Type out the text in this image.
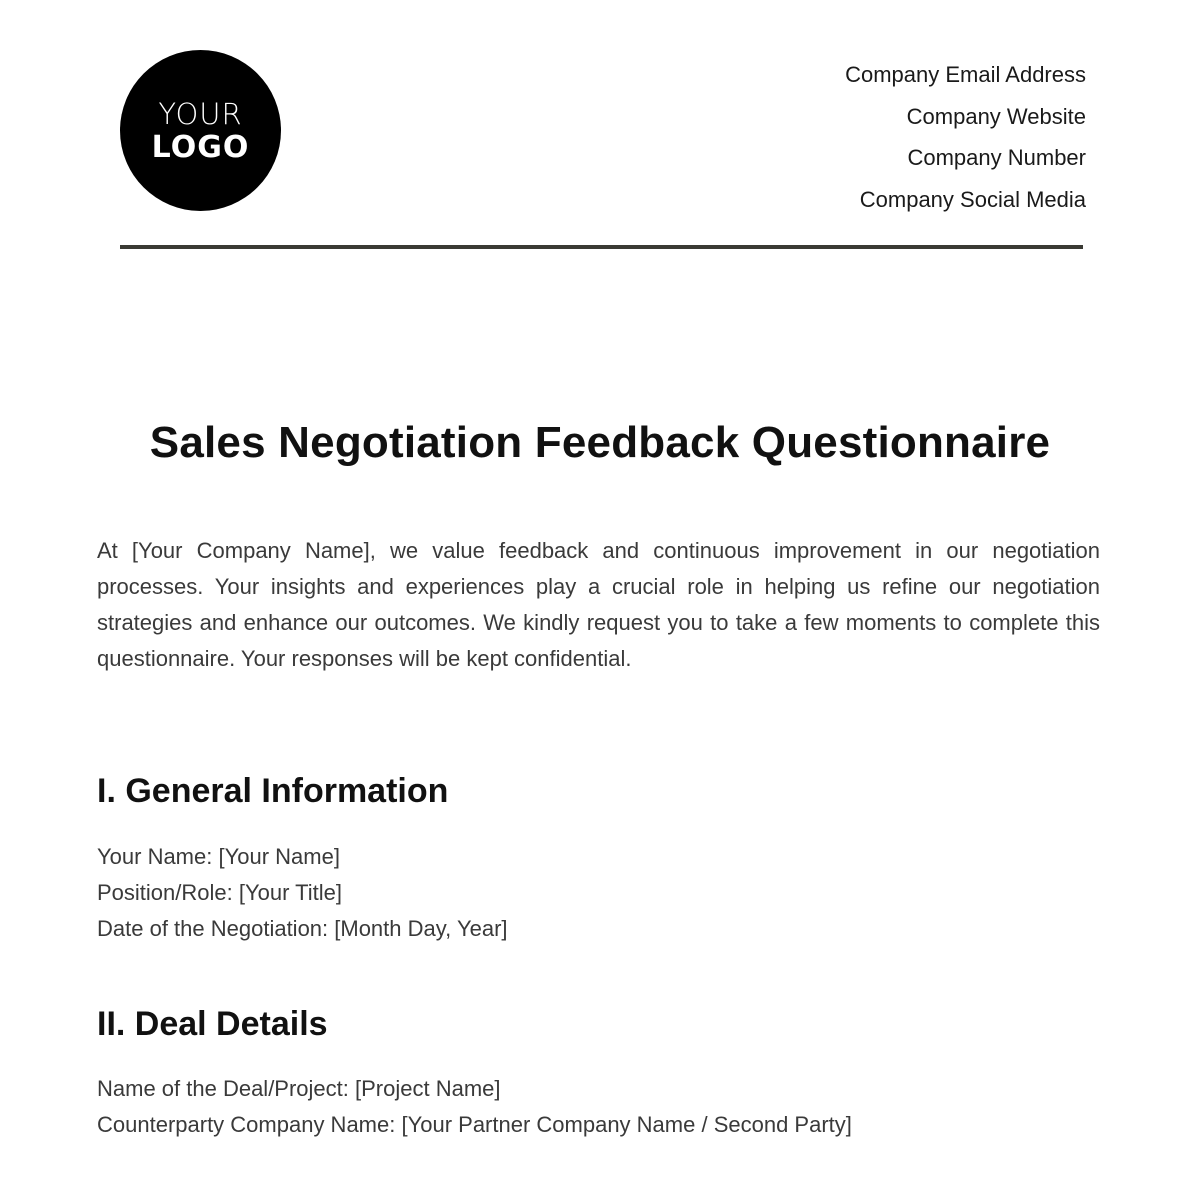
YOUR
LOGO
Company Email Address
Company Website
Company Number
Company Social Media
Sales Negotiation Feedback Questionnaire

At [Your Company Name], we value feedback and continuous improvement in our negotiation processes. Your insights and experiences play a crucial role in helping us refine our negotiation strategies and enhance our outcomes. We kindly request you to take a few moments to complete this questionnaire. Your responses will be kept confidential.

I. General Information
Your Name: [Your Name]
Position/Role: [Your Title]
Date of the Negotiation: [Month Day, Year]
II. Deal Details
Name of the Deal/Project: [Project Name]
Counterparty Company Name: [Your Partner Company Name / Second Party]
